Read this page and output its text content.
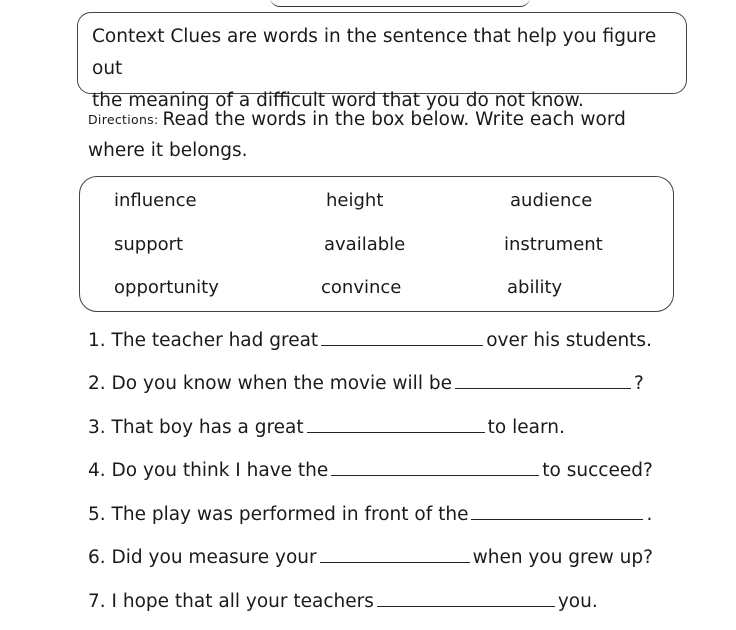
Context Clues are words in the sentence that help you figure out
the meaning of a difficult word that you do not know.
Directions: Read the words in the box below. Write each word
where it belongs.
influence	height	audience
support	available	instrument
opportunity	convince	ability
1. The teacher had great	over his students.
2. Do you know when the movie will be	?
3. That boy has a great	to learn.
4. Do you think I have the	to succeed?
5. The play was performed in front of the	.
6. Did you measure your	when you grew up?
7. I hope that all your teachers	you.
